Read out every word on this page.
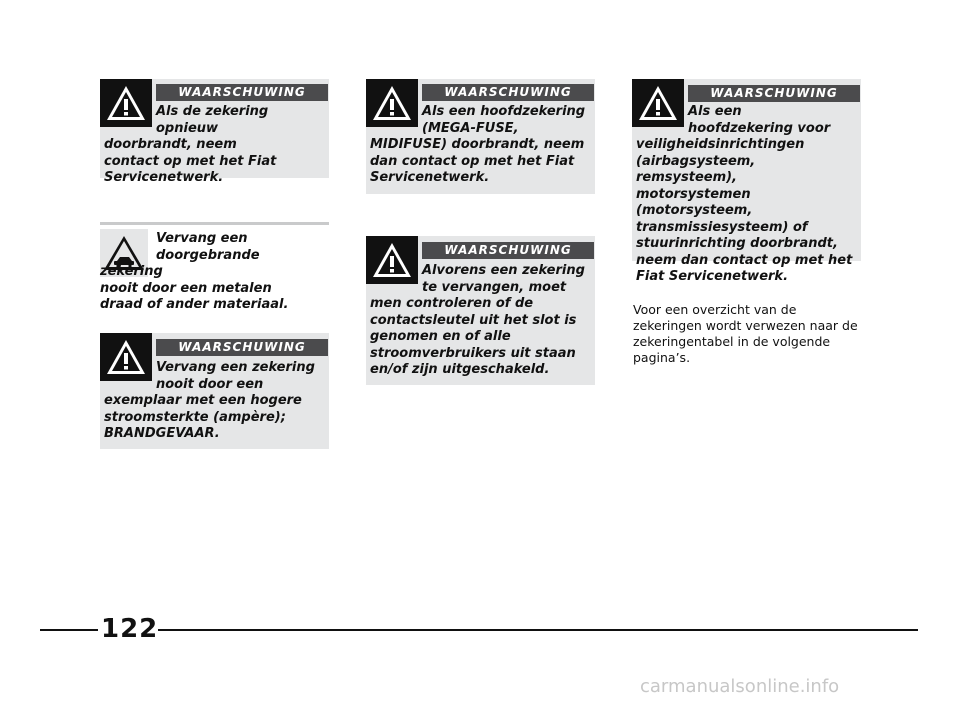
WAARSCHUWING
Als de zekering opnieuw
doorbrandt, neem
contact op met het Fiat
Servicenetwerk.
WAARSCHUWING
Als een hoofdzekering
(MEGA-FUSE,
MIDIFUSE) doorbrandt, neem
dan contact op met het Fiat
Servicenetwerk.
WAARSCHUWING
Als een
hoofdzekering voor
veiligheidsinrichtingen
(airbagsysteem, remsysteem),
motorsystemen (motorsysteem,
transmissiesysteem) of
stuurinrichting doorbrandt,
neem dan contact op met het
Fiat Servicenetwerk.
Vervang een
doorgebrande zekering
nooit door een metalen
draad of ander materiaal.
WAARSCHUWING
Alvorens een zekering
te vervangen, moet
men controleren of de
contactsleutel uit het slot is
genomen en of alle
stroomverbruikers uit staan
en/of zijn uitgeschakeld.
WAARSCHUWING
Vervang een zekering
nooit door een
exemplaar met een hogere
stroomsterkte (ampère);
BRANDGEVAAR.
Voor een overzicht van de
zekeringen wordt verwezen naar de
zekeringentabel in de volgende
pagina’s.
122
carmanualsonline.info
